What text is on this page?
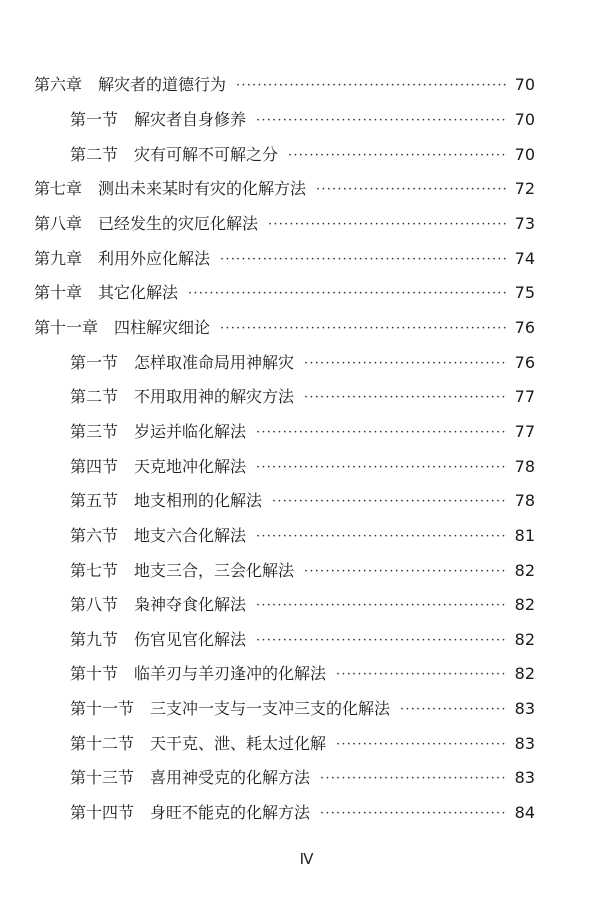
第六章 解灾者的道德行为 ·····	70
第一节 解灾者自身修养 ·····	70
第二节 灾有可解不可解之分 ·····	70
第七章 测出未来某时有灾的化解方法 ·····	72
第八章 已经发生的灾厄化解法 ·····	73
第九章 利用外应化解法 ·····	74
第十章 其它化解法 ·····	75
第十一章 四柱解灾细论 ·····	76
第一节 怎样取准命局用神解灾 ·····	76
第二节 不用取用神的解灾方法 ·····	77
第三节 岁运并临化解法 ·····	77
第四节 天克地冲化解法 ·····	78
第五节 地支相刑的化解法 ·····	78
第六节 地支六合化解法 ·····	81
第七节 地支三合，三会化解法 ·····	82
第八节 枭神夺食化解法 ·····	82
第九节 伤官见官化解法 ·····	82
第十节 临羊刃与羊刃逢冲的化解法 ·····	82
第十一节 三支冲一支与一支冲三支的化解法 ·····	83
第十二节 天干克、泄、耗太过化解 ·····	83
第十三节 喜用神受克的化解方法 ·····	83
第十四节 身旺不能克的化解方法 ·····	84
Ⅳ
